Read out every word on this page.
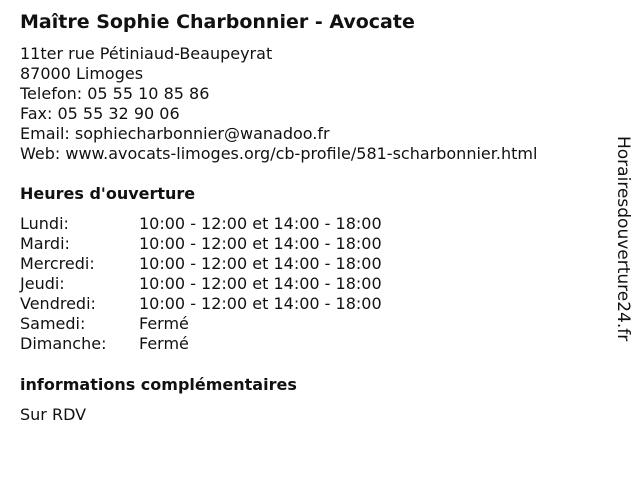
Maître Sophie Charbonnier - Avocate
11ter rue Pétiniaud-Beaupeyrat
87000 Limoges
Telefon: 05 55 10 85 86
Fax: 05 55 32 90 06
Email: sophiecharbonnier@wanadoo.fr
Web: www.avocats-limoges.org/cb-profile/581-scharbonnier.html
Heures d'ouverture
Lundi:	10:00 - 12:00 et 14:00 - 18:00
Mardi:	10:00 - 12:00 et 14:00 - 18:00
Mercredi:	10:00 - 12:00 et 14:00 - 18:00
Jeudi:	10:00 - 12:00 et 14:00 - 18:00
Vendredi:	10:00 - 12:00 et 14:00 - 18:00
Samedi:	Fermé
Dimanche:	Fermé
informations complémentaires
Sur RDV
Horairesdouverture24.fr
